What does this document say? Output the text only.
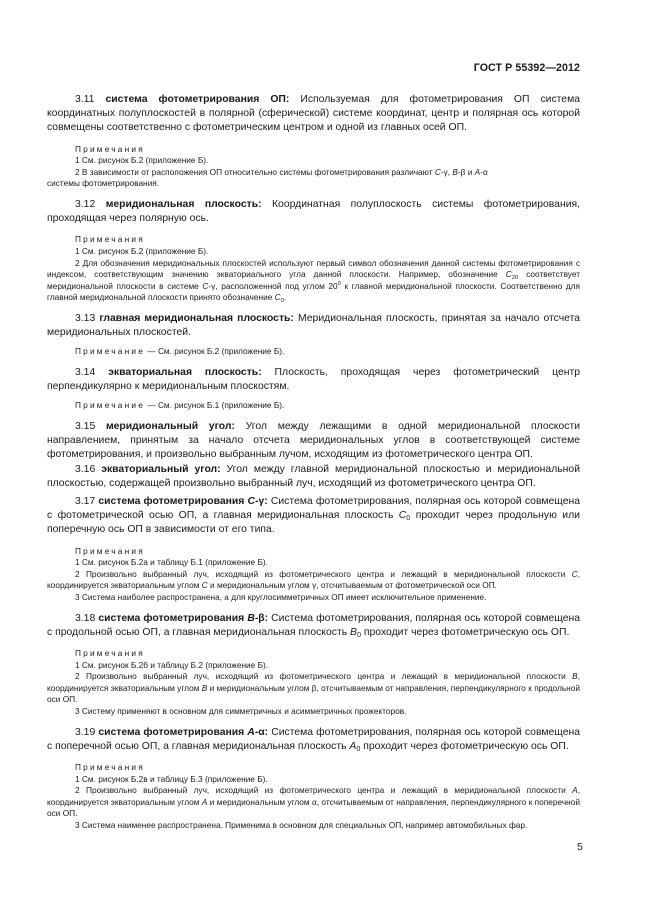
ГОСТ Р 55392—2012

3.11 система фотометрирования ОП: Используемая для фотометрирования ОП система координатных полуплоскостей в полярной (сферической) системе координат, центр и полярная ось которой совмещены соответственно с фотометрическим центром и одной из главных осей ОП.

Примечания
1 См. рисунок Б.2 (приложение Б).
2 В зависимости от расположения ОП относительно системы фотометрирования различают C-γ, B-β и A-α
системы фотометрирования.

3.12 меридиональная плоскость: Координатная полуплоскость системы фотометрирования, проходящая через полярную ось.

Примечания
1 См. рисунок Б.2 (приложение Б).
2 Для обозначения меридиональных плоскостей используют первый символ обозначения данной системы фотометрирования с индексом, соответствующим значению экваториального угла данной плоскости. Например, обозначение $C_{20}$ соответствует меридиональной плоскости в системе C-γ, расположенной под углом $20^0$ к главной меридиональной плоскости. Соответственно для главной меридиональной плоскости принято обозначение $C_0$.

3.13 главная меридиональная плоскость: Меридиональная плоскость, принятая за начало отсчета меридиональных плоскостей.

Примечание — См. рисунок Б.2 (приложение Б).

3.14 экваториальная плоскость: Плоскость, проходящая через фотометрический центр перпендикулярно к меридиональным плоскостям.

Примечание — См. рисунок Б.1 (приложение Б).

3.15 меридиональный угол: Угол между лежащими в одной меридиональной плоскости направлением, принятым за начало отсчета меридиональных углов в соответствующей системе фотометрирования, и произвольно выбранным лучом, исходящим из фотометрического центра ОП.

3.16 экваториальный угол: Угол между главной меридиональной плоскостью и меридиональной плоскостью, содержащей произвольно выбранный луч, исходящий из фотометрического центра ОП.

3.17 система фотометрирования C-γ: Система фотометрирования, полярная ось которой совмещена с фотометрической осью ОП, а главная меридиональная плоскость $C_0$ проходит через продольную или поперечную ось ОП в зависимости от его типа.

Примечания
1 См. рисунок Б.2а и таблицу Б.1 (приложение Б).
2 Произвольно выбранный луч, исходящий из фотометрического центра и лежащий в меридиональной плоскости C, координируется экваториальным углом C и меридиональным углом γ, отсчитываемым от фотометрической оси ОП.
3 Система наиболее распространена, а для круглосимметричных ОП имеет исключительное применение.

3.18 система фотометрирования B-β: Система фотометрирования, полярная ось которой совмещена с продольной осью ОП, а главная меридиональная плоскость $B_0$ проходит через фотометрическую ось ОП.

Примечания
1 См. рисунок Б.2б и таблицу Б.2 (приложение Б).
2 Произвольно выбранный луч, исходящий из фотометрического центра и лежащий в меридиональной плоскости B, координируется экваториальным углом B и меридиональным углом β, отсчитываемым от направления, перпендикулярного к продольной оси ОП.
3 Систему применяют в основном для симметричных и асимметричных прожекторов.

3.19 система фотометрирования A-α: Система фотометрирования, полярная ось которой совмещена с поперечной осью ОП, а главная меридиональная плоскость $A_0$ проходит через фотометрическую ось ОП.

Примечания
1 См. рисунок Б.2в и таблицу Б.3 (приложение Б).
2 Произвольно выбранный луч, исходящий из фотометрического центра и лежащий в меридиональной плоскости A, координируется экваториальным углом A и меридиональным углом α, отсчитываемым от направления, перпендикулярного к поперечной оси ОП.
3 Система наименее распространена. Применима в основном для специальных ОП, например автомобильных фар.
5
